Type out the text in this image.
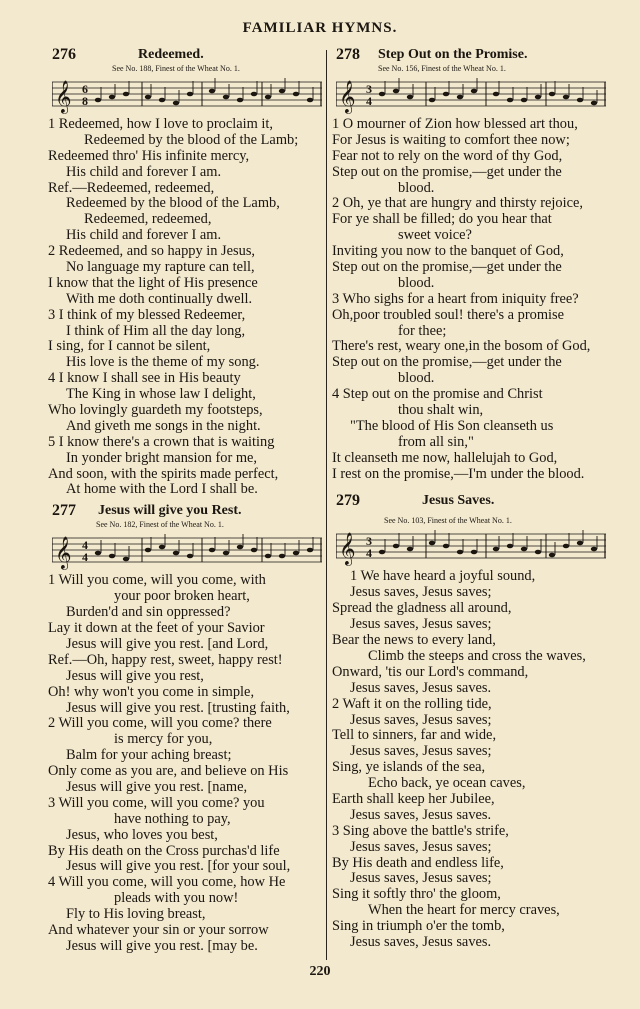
FAMILIAR HYMNS.
276	Redeemed.
See No. 188, Finest of the Wheat No. 1.
𝄞 6
8
1 Redeemed, how I love to proclaim it,
Redeemed by the blood of the Lamb;
Redeemed thro' His infinite mercy,
His child and forever I am.
Ref.—Redeemed, redeemed,
Redeemed by the blood of the Lamb,
Redeemed, redeemed,
His child and forever I am.
2 Redeemed, and so happy in Jesus,
No language my rapture can tell,
I know that the light of His presence
With me doth continually dwell.
3 I think of my blessed Redeemer,
I think of Him all the day long,
I sing, for I cannot be silent,
His love is the theme of my song.
4 I know I shall see in His beauty
The King in whose law I delight,
Who lovingly guardeth my footsteps,
And giveth me songs in the night.
5 I know there's a crown that is waiting
In yonder bright mansion for me,
And soon, with the spirits made perfect,
At home with the Lord I shall be.
277 Jesus will give you Rest.
See No. 182, Finest of the Wheat No. 1.
𝄞 4
4
1 Will you come, will you come, with
your poor broken heart,
Burden'd and sin oppressed?
Lay it down at the feet of your Savior
Jesus will give you rest. [and Lord,
Ref.—Oh, happy rest, sweet, happy rest!
Jesus will give you rest,
Oh! why won't you come in simple,
Jesus will give you rest. [trusting faith,
2 Will you come, will you come? there
is mercy for you,
Balm for your aching breast;
Only come as you are, and believe on His
Jesus will give you rest. [name,
3 Will you come, will you come? you
have nothing to pay,
Jesus, who loves you best,
By His death on the Cross purchas'd life
Jesus will give you rest. [for your soul,
4 Will you come, will you come, how He
pleads with you now!
Fly to His loving breast,
And whatever your sin or your sorrow
Jesus will give you rest. [may be.
278 Step Out on the Promise.
See No. 156, Finest of the Wheat No. 1.
𝄞 3
4
1 O mourner of Zion how blessed art thou,
For Jesus is waiting to comfort thee now;
Fear not to rely on the word of thy God,
Step out on the promise,—get under the
blood.
2 Oh, ye that are hungry and thirsty rejoice,
For ye shall be filled; do you hear that
sweet voice?
Inviting you now to the banquet of God,
Step out on the promise,—get under the
blood.
3 Who sighs for a heart from iniquity free?
Oh,poor troubled soul! there's a promise
for thee;
There's rest, weary one,in the bosom of God,
Step out on the promise,—get under the
blood.
4 Step out on the promise and Christ
thou shalt win,
"The blood of His Son cleanseth us
from all sin,"
It cleanseth me now, hallelujah to God,
I rest on the promise,—I'm under the blood.
279	Jesus Saves.
See No. 103, Finest of the Wheat No. 1.
𝄞 3
4
1 We have heard a joyful sound,
Jesus saves, Jesus saves;
Spread the gladness all around,
Jesus saves, Jesus saves;
Bear the news to every land,
Climb the steeps and cross the waves,
Onward, 'tis our Lord's command,
Jesus saves, Jesus saves.
2 Waft it on the rolling tide,
Jesus saves, Jesus saves;
Tell to sinners, far and wide,
Jesus saves, Jesus saves;
Sing, ye islands of the sea,
Echo back, ye ocean caves,
Earth shall keep her Jubilee,
Jesus saves, Jesus saves.
3 Sing above the battle's strife,
Jesus saves, Jesus saves;
By His death and endless life,
Jesus saves, Jesus saves;
Sing it softly thro' the gloom,
When the heart for mercy craves,
Sing in triumph o'er the tomb,
Jesus saves, Jesus saves.
220
